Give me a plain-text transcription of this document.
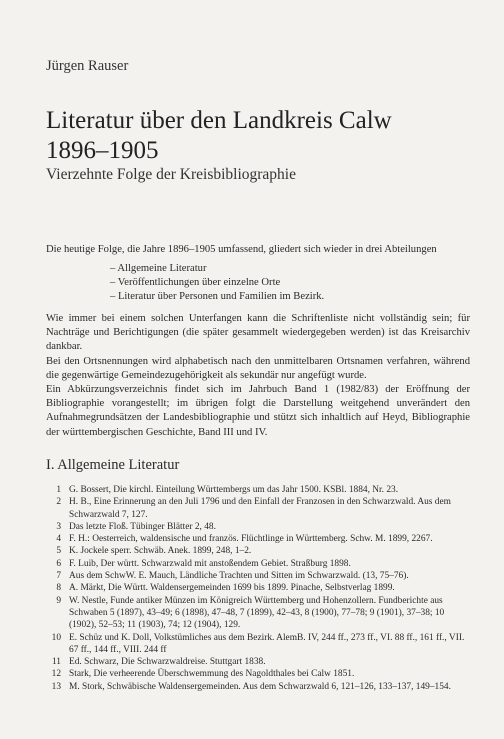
Jürgen Rauser
Literatur über den Landkreis Calw
1896–1905
Vierzehnte Folge der Kreisbibliographie
Die heutige Folge, die Jahre 1896–1905 umfassend, gliedert sich wieder in drei Abteilungen
– Allgemeine Literatur
– Veröffentlichungen über einzelne Orte
– Literatur über Personen und Familien im Bezirk.

Wie immer bei einem solchen Unterfangen kann die Schriftenliste nicht vollständig sein; für Nachträge und Berichtigungen (die später gesammelt wiedergegeben werden) ist das Kreisarchiv dankbar.

Bei den Ortsnennungen wird alphabetisch nach den unmittelbaren Ortsnamen verfahren, während die gegenwärtige Gemeindezugehörigkeit als sekundär nur angefügt wurde.

Ein Abkürzungsverzeichnis findet sich im Jahrbuch Band 1 (1982/83) der Eröffnung der Bibliographie vorangestellt; im übrigen folgt die Darstellung weitgehend unverändert den Aufnahmegrundsätzen der Landesbibliographie und stützt sich inhaltlich auf Heyd, Bibliographie der württembergischen Geschichte, Band III und IV.

I. Allgemeine Literatur
1 G. Bossert, Die kirchl. Einteilung Württembergs um das Jahr 1500. KSBl. 1884, Nr. 23.
2 H. B., Eine Erinnerung an den Juli 1796 und den Einfall der Franzosen in den Schwarzwald. Aus dem Schwarzwald 7, 127.
3 Das letzte Floß. Tübinger Blätter 2, 48.
4 F. H.: Oesterreich, waldensische und französ. Flüchtlinge in Württemberg. Schw. M. 1899, 2267.
5 K. Jockele sperr. Schwäb. Anek. 1899, 248, 1–2.
6 F. Luib, Der württ. Schwarzwald mit anstoßendem Gebiet. Straßburg 1898.
7 Aus dem SchwW. E. Mauch, Ländliche Trachten und Sitten im Schwarzwald. (13, 75–76).
8 A. Märkt, Die Württ. Waldensergemeinden 1699 bis 1899. Pinache, Selbstverlag 1899.
9 W. Nestle, Funde antiker Münzen im Königreich Württemberg und Hohenzollern. Fundberichte aus Schwaben 5 (1897), 43–49; 6 (1898), 47–48, 7 (1899), 42–43, 8 (1900), 77–78; 9 (1901), 37–38; 10 (1902), 52–53; 11 (1903), 74; 12 (1904), 129.
10 E. Schüz und K. Doll, Volkstümliches aus dem Bezirk. AlemB. IV, 244 ff., 273 ff., VI. 88 ff., 161 ff., VII. 67 ff., 144 ff., VIII. 244 ff
11 Ed. Schwarz, Die Schwarzwaldreise. Stuttgart 1838.
12 Stark, Die verheerende Überschwemmung des Nagoldthales bei Calw 1851.
13 M. Stork, Schwäbische Waldensergemeinden. Aus dem Schwarzwald 6, 121–126, 133–137, 149–154.
